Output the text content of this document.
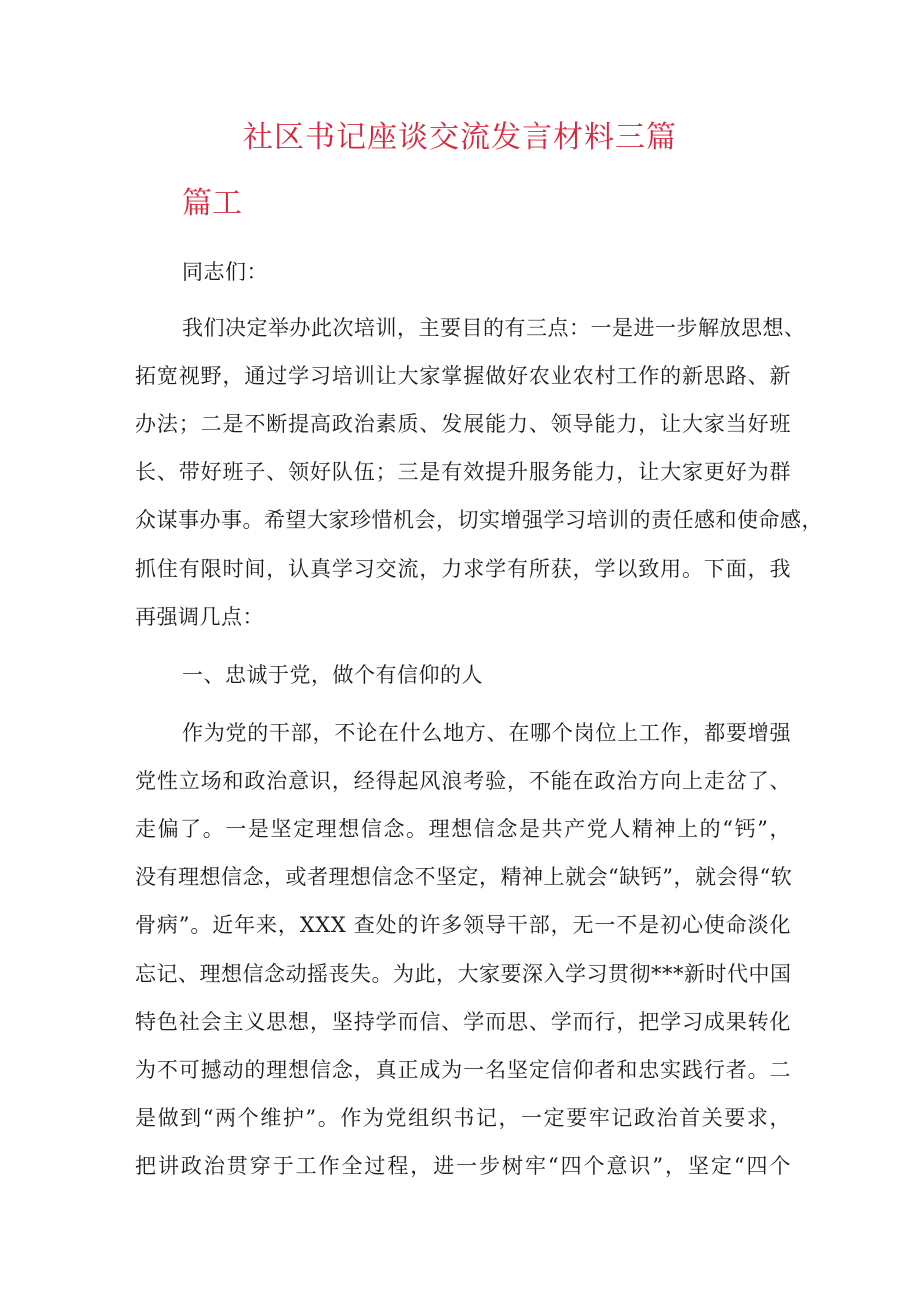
社区书记座谈交流发言材料三篇
篇工
同志们：
我们决定举办此次培训，主要目的有三点：一是进一步解放思想、
拓宽视野，通过学习培训让大家掌握做好农业农村工作的新思路、新
办法；二是不断提高政治素质、发展能力、领导能力，让大家当好班
长、带好班子、领好队伍；三是有效提升服务能力，让大家更好为群
众谋事办事。希望大家珍惜机会，切实增强学习培训的责任感和使命感，
抓住有限时间，认真学习交流，力求学有所获，学以致用。下面，我
再强调几点：
一、忠诚于党，做个有信仰的人
作为党的干部，不论在什么地方、在哪个岗位上工作，都要增强
党性立场和政治意识，经得起风浪考验，不能在政治方向上走岔了、
走偏了。一是坚定理想信念。理想信念是共产党人精神上的“钙”，
没有理想信念，或者理想信念不坚定，精神上就会“缺钙”，就会得“软
骨病”。近年来，XXX 查处的许多领导干部，无一不是初心使命淡化
忘记、理想信念动摇丧失。为此，大家要深入学习贯彻***新时代中国
特色社会主义思想，坚持学而信、学而思、学而行，把学习成果转化
为不可撼动的理想信念，真正成为一名坚定信仰者和忠实践行者。二
是做到“两个维护”。作为党组织书记，一定要牢记政治首关要求，
把讲政治贯穿于工作全过程，进一步树牢“四个意识”，坚定“四个
